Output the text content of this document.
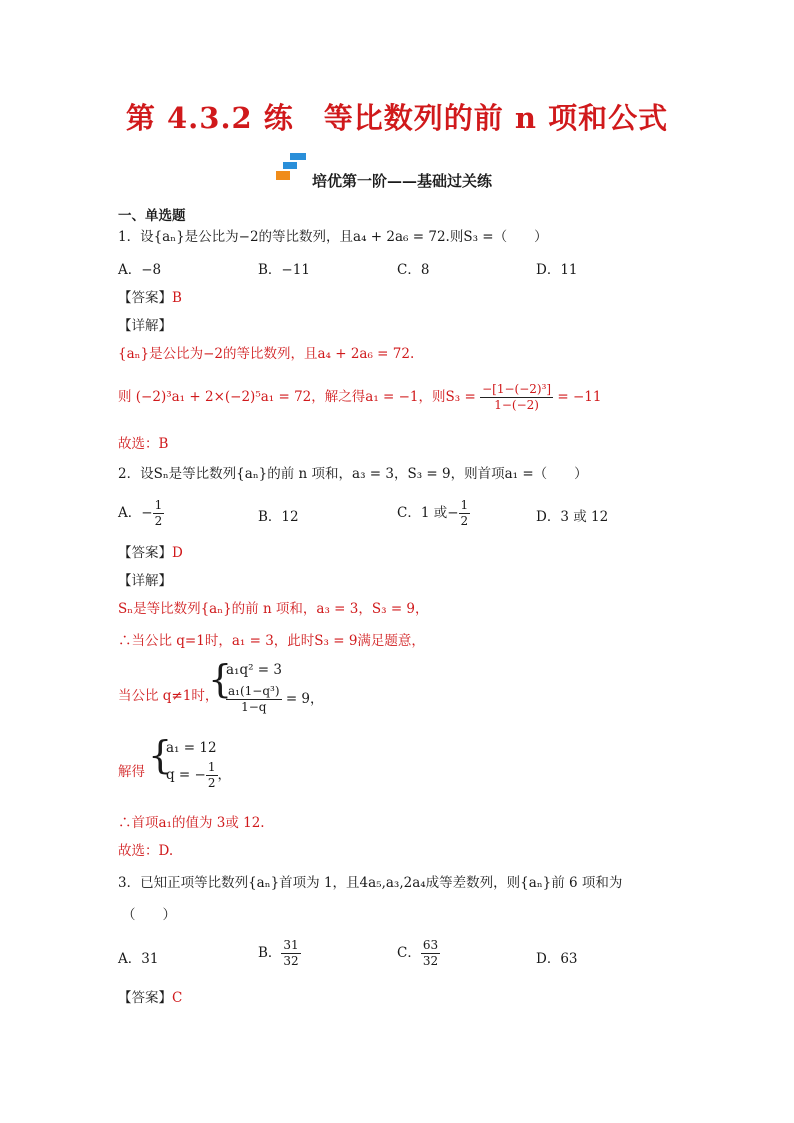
第 4.3.2 练　等比数列的前 n 项和公式
培优第一阶——基础过关练
一、单选题
1．设{aₙ}是公比为−2的等比数列，且a₄ + 2a₆ = 72.则S₃ =（　　）
A．−8	B．−11	C．8	D．11
【答案】B
【详解】
{aₙ}是公比为−2的等比数列，且a₄ + 2a₆ = 72.
则 (−2)³a₁ + 2×(−2)⁵a₁ = 72，解之得a₁ = −1，则$S_3 = \frac{\text{−[1−(−2)³]}}{1-(-2)} = -11$
故选：B
2．设Sₙ是等比数列{aₙ}的前 n 项和，a₃ = 3，S₃ = 9，则首项a₁ =（　　）
A．− $\frac{1}{2}$	B．12	C．1 或− $\frac{1}{2}$	D．3 或 12
【答案】D
【详解】
Sₙ是等比数列{aₙ}的前 n 项和，a₃ = 3，S₃ = 9，
∴当公比 q=1时，a₁ = 3，此时S₃ = 9满足题意，
当公比 q≠1时，
{
a₁q² = 3
$\frac{\text{a₁(1−q³)}}{1-q} = 9$，
解得 {
a₁ = 12
q = − $\frac{1}{2}$ ，
∴首项a₁的值为 3或 12.
故选：D.
3．已知正项等比数列{aₙ}首项为 1，且4a₅,a₃,2a₄成等差数列，则{aₙ}前 6 项和为
（　　）
A．31	B． $\frac{31}{32}$	C． $\frac{63}{32}$	D．63
【答案】C
